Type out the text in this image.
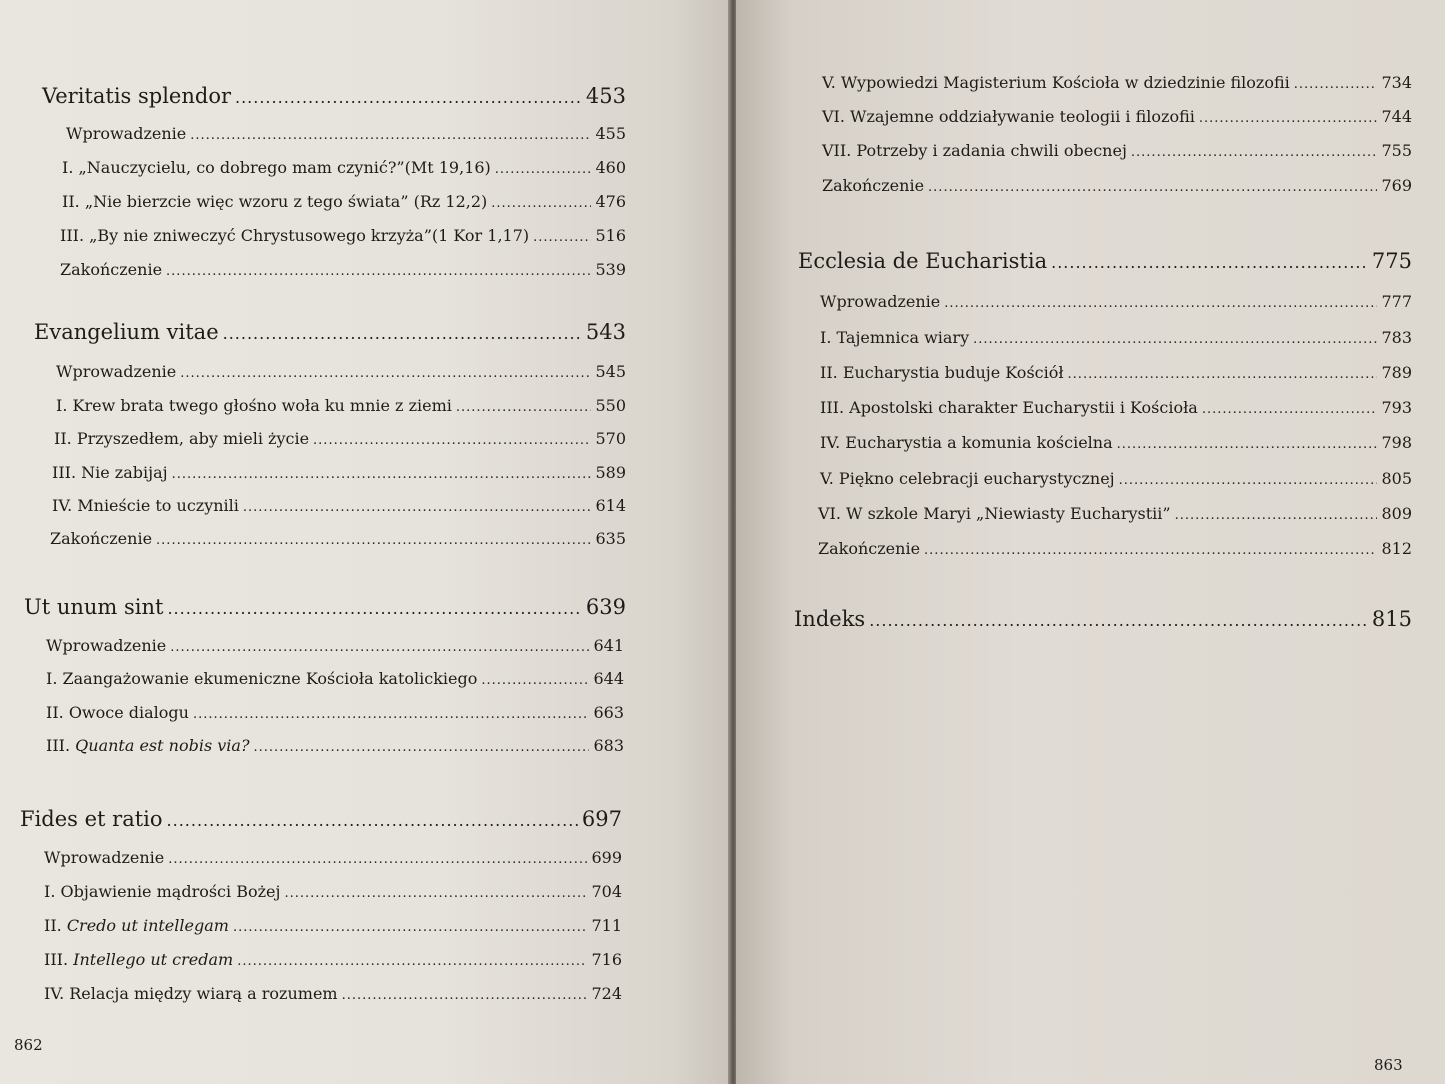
Veritatis splendor .....	453
Wprowadzenie .....	455
I. „Nauczycielu, co dobrego mam czynić?”(Mt 19,16) .....	460
II. „Nie bierzcie więc wzoru z tego świata” (Rz 12,2) .....	476
III. „By nie zniweczyć Chrystusowego krzyża”(1 Kor 1,17) .....	516
Zakończenie .....	539
Evangelium vitae .....	543
Wprowadzenie .....	545
I. Krew brata twego głośno woła ku mnie z ziemi .....	550
II. Przyszedłem, aby mieli życie .....	570
III. Nie zabijaj .....	589
IV. Mnieście to uczynili .....	614
Zakończenie .....	635
Ut unum sint .....	639
Wprowadzenie .....	641
I. Zaangażowanie ekumeniczne Kościoła katolickiego .....	644
II. Owoce dialogu .....	663
III. Quanta est nobis via? .....	683
Fides et ratio .....	697
Wprowadzenie .....	699
I. Objawienie mądrości Bożej .....	704
II. Credo ut intellegam .....	711
III. Intellego ut credam .....	716
IV. Relacja między wiarą a rozumem .....	724
862
V. Wypowiedzi Magisterium Kościoła w dziedzinie filozofii .....	734
VI. Wzajemne oddziaływanie teologii i filozofii .....	744
VII. Potrzeby i zadania chwili obecnej .....	755
Zakończenie .....	769
Ecclesia de Eucharistia .....	775
Wprowadzenie .....	777
I. Tajemnica wiary .....	783
II. Eucharystia buduje Kościół .....	789
III. Apostolski charakter Eucharystii i Kościoła .....	793
IV. Eucharystia a komunia kościelna .....	798
V. Piękno celebracji eucharystycznej .....	805
VI. W szkole Maryi „Niewiasty Eucharystii” .....	809
Zakończenie .....	812
Indeks .....	815
863
